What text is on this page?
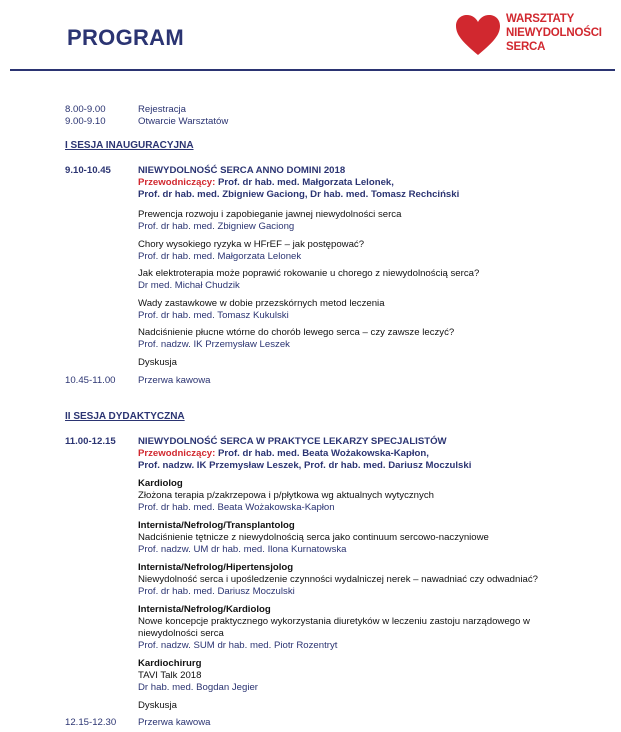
PROGRAM
WARSZTATY
NIEWYDOLNOŚCI
SERCA
8.00-9.00	Rejestracja
9.00-9.10	Otwarcie Warsztatów
I SESJA INAUGURACYJNA
9.10-10.45	NIEWYDOLNOŚĆ SERCA ANNO DOMINI 2018
Przewodniczący: Prof. dr hab. med. Małgorzata Lelonek,
Prof. dr hab. med. Zbigniew Gaciong, Dr hab. med. Tomasz Rechciński
Prewencja rozwoju i zapobieganie jawnej niewydolności serca
Prof. dr hab. med. Zbigniew Gaciong
Chory wysokiego ryzyka w HFrEF – jak postępować?
Prof. dr hab. med. Małgorzata Lelonek
Jak elektroterapia może poprawić rokowanie u chorego z niewydolnością serca?
Dr med. Michał Chudzik
Wady zastawkowe w dobie przezskórnych metod leczenia
Prof. dr hab. med. Tomasz Kukulski
Nadciśnienie płucne wtórne do chorób lewego serca – czy zawsze leczyć?
Prof. nadzw. IK Przemysław Leszek
Dyskusja
10.45-11.00 Przerwa kawowa
II SESJA DYDAKTYCZNA
11.00-12.15 NIEWYDOLNOŚĆ SERCA W PRAKTYCE LEKARZY SPECJALISTÓW
Przewodniczący: Prof. dr hab. med. Beata Wożakowska-Kapłon,
Prof. nadzw. IK Przemysław Leszek, Prof. dr hab. med. Dariusz Moczulski
Kardiolog
Złożona terapia p/zakrzepowa i p/płytkowa wg aktualnych wytycznych
Prof. dr hab. med. Beata Wożakowska-Kapłon
Internista/Nefrolog/Transplantolog
Nadciśnienie tętnicze z niewydolnością serca jako continuum sercowo-naczyniowe
Prof. nadzw. UM dr hab. med. Ilona Kurnatowska
Internista/Nefrolog/Hipertensjolog
Niewydolność serca i upośledzenie czynności wydalniczej nerek – nawadniać czy odwadniać?
Prof. dr hab. med. Dariusz Moczulski
Internista/Nefrolog/Kardiolog
Nowe koncepcje praktycznego wykorzystania diuretyków w leczeniu zastoju narządowego w
niewydolności serca
Prof. nadzw. SUM dr hab. med. Piotr Rozentryt
Kardiochirurg
TAVI Talk 2018
Dr hab. med. Bogdan Jegier
Dyskusja
12.15-12.30 Przerwa kawowa
